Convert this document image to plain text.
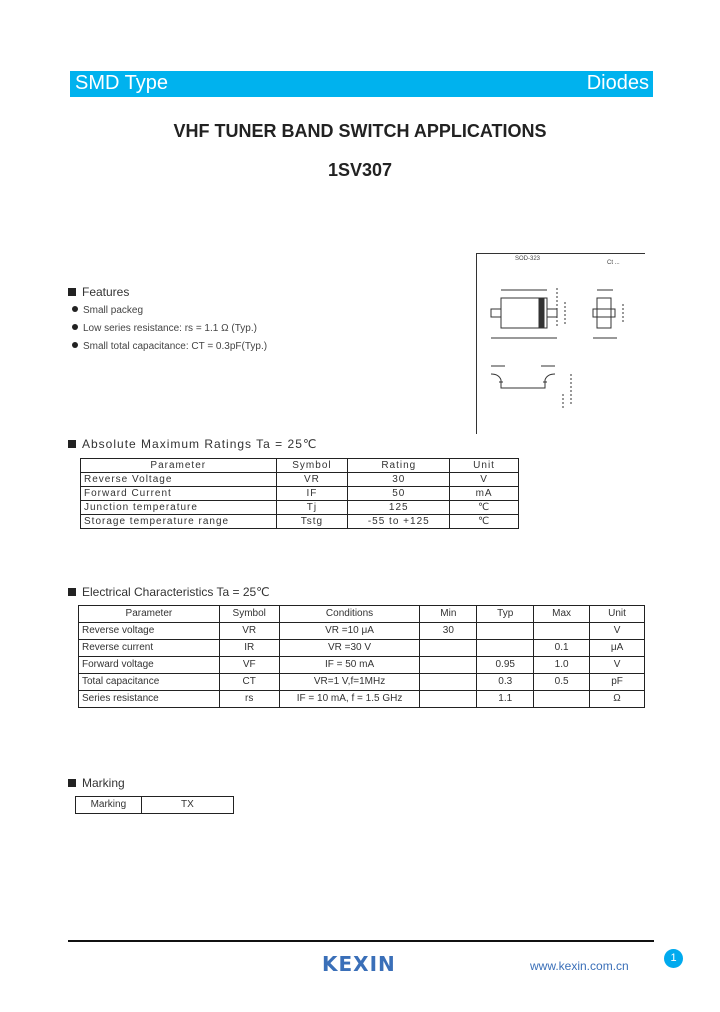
SMD Type	Diodes
VHF TUNER BAND SWITCH APPLICATIONS
1SV307
SOD-323
Ct ...
Features
Small packeg
Low series resistance: rs = 1.1 Ω (Typ.)
Small total capacitance: CT = 0.3pF(Typ.)
Absolute Maximum Ratings Ta = 25℃
Parameter	Symbol	Rating	Unit
Reverse Voltage	VR	30	V
Forward Current	IF	50	mA
Junction temperature	Tj	125	℃
Storage temperature range	Tstg	-55 to +125	℃
Electrical Characteristics Ta = 25℃
Parameter	Symbol	Conditions	Min	Typ	Max	Unit
Reverse voltage	VR	VR =10 μA	30			V
Reverse current	IR	VR =30 V			0.1	μA
Forward voltage	VF	IF = 50 mA		0.95	1.0	V
Total capacitance	CT	VR=1 V,f=1MHz		0.3	0.5	pF
Series resistance	rs	IF = 10 mA, f = 1.5 GHz		1.1		Ω
Marking
Marking	TX
KEXIN	www.kexin.com.cn
1
